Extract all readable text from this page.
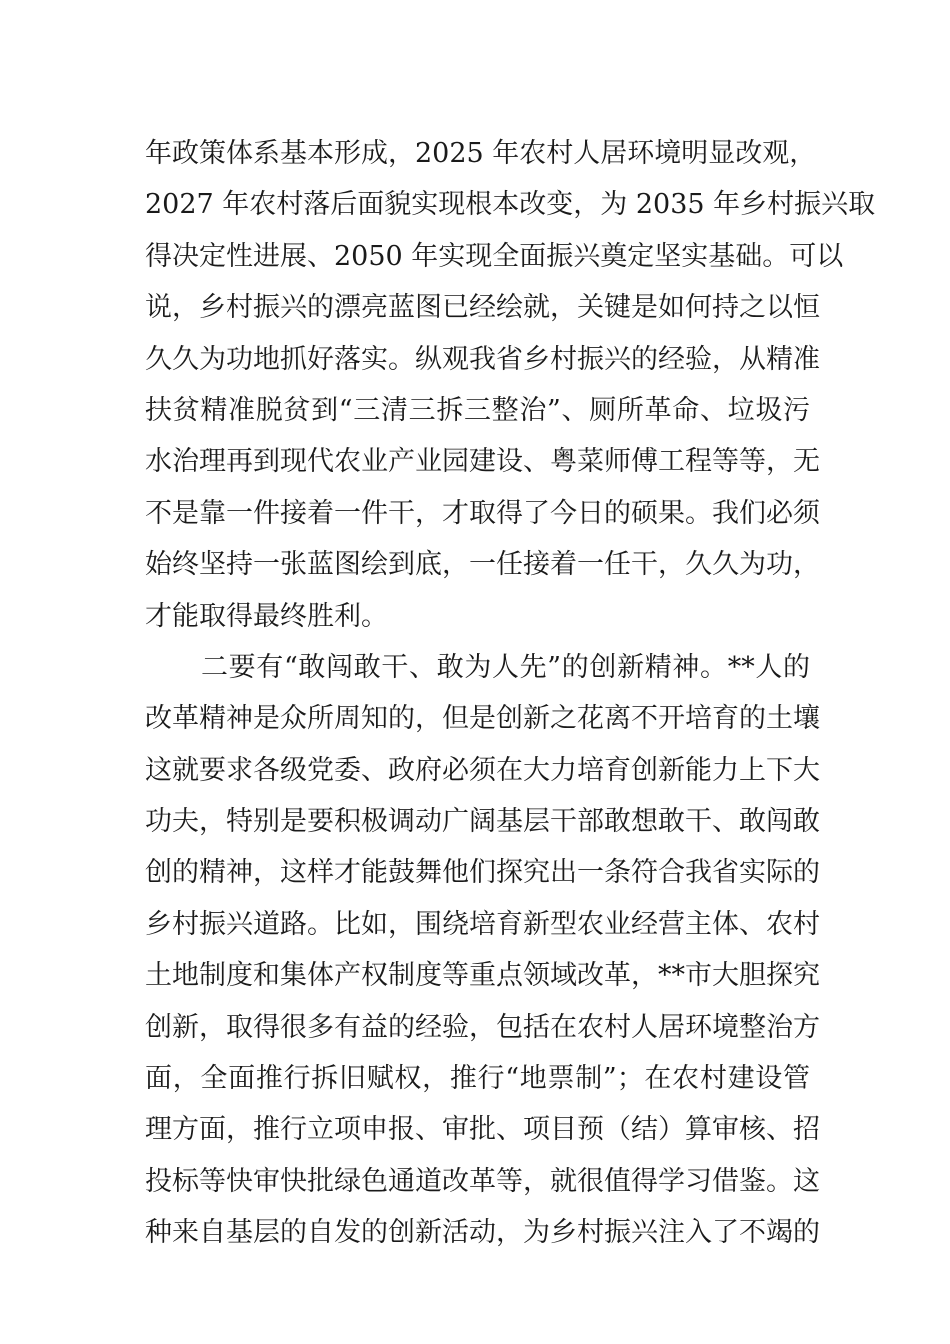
年政策体系基本形成，2025 年农村人居环境明显改观，
2027 年农村落后面貌实现根本改变，为 2035 年乡村振兴取
得决定性进展、2050 年实现全面振兴奠定坚实基础。可以
说，乡村振兴的漂亮蓝图已经绘就，关键是如何持之以恒
久久为功地抓好落实。纵观我省乡村振兴的经验，从精准
扶贫精准脱贫到“三清三拆三整治”、厕所革命、垃圾污
水治理再到现代农业产业园建设、粤菜师傅工程等等，无
不是靠一件接着一件干，才取得了今日的硕果。我们必须
始终坚持一张蓝图绘到底，一任接着一任干，久久为功，
才能取得最终胜利。
二要有“敢闯敢干、敢为人先”的创新精神。**人的
改革精神是众所周知的，但是创新之花离不开培育的土壤
这就要求各级党委、政府必须在大力培育创新能力上下大
功夫，特别是要积极调动广阔基层干部敢想敢干、敢闯敢
创的精神，这样才能鼓舞他们探究出一条符合我省实际的
乡村振兴道路。比如，围绕培育新型农业经营主体、农村
土地制度和集体产权制度等重点领域改革，**市大胆探究
创新，取得很多有益的经验，包括在农村人居环境整治方
面，全面推行拆旧赋权，推行“地票制”；在农村建设管
理方面，推行立项申报、审批、项目预（结）算审核、招
投标等快审快批绿色通道改革等，就很值得学习借鉴。这
种来自基层的自发的创新活动，为乡村振兴注入了不竭的
